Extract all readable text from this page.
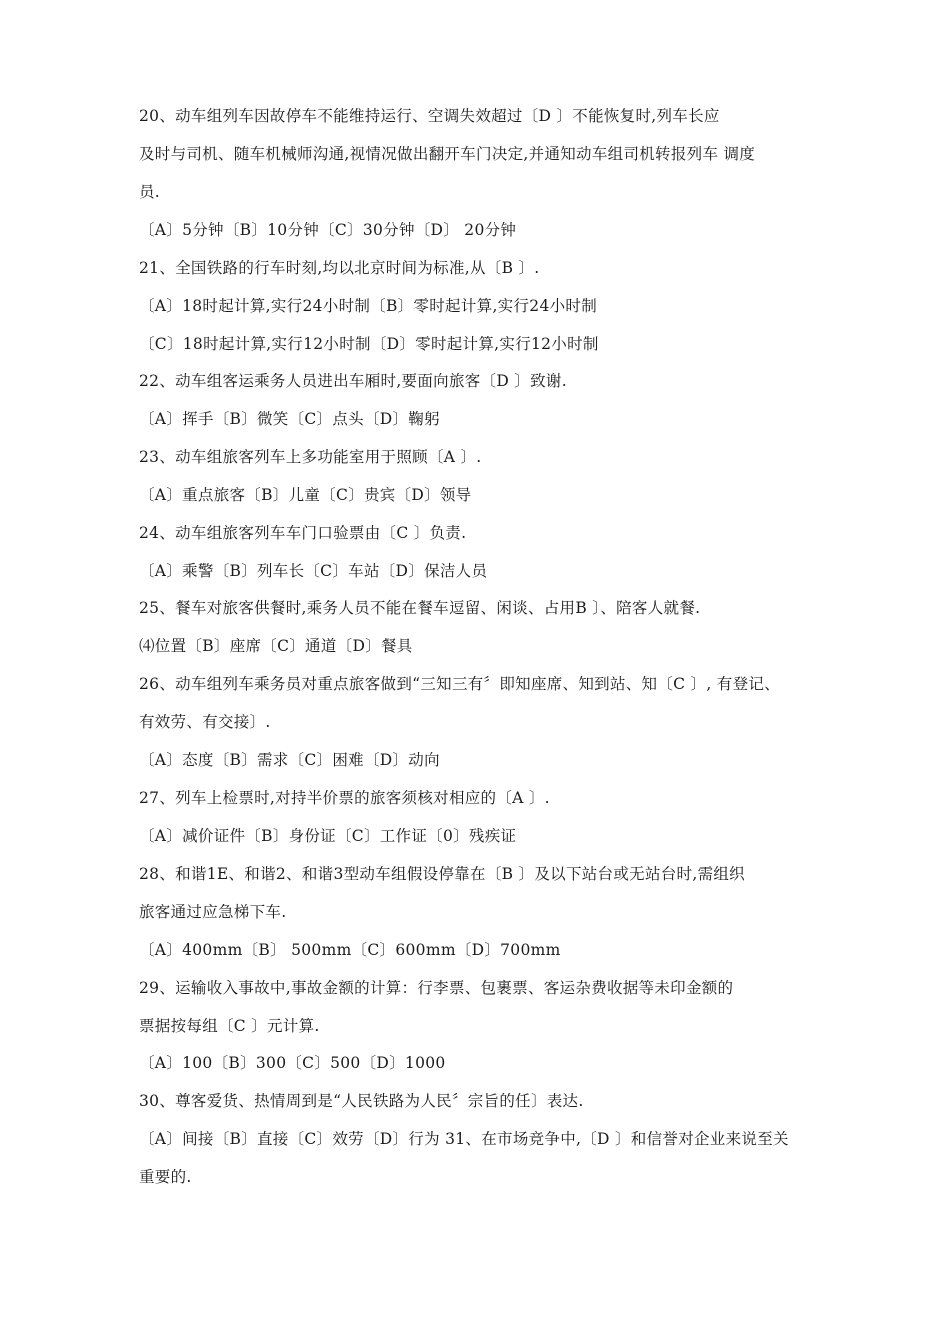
20、动车组列车因故停车不能维持运行、空调失效超过〔D 〕不能恢复时,列车长应
及时与司机、随车机械师沟通,视情况做出翻开车门决定,并通知动车组司机转报列车 调度
员.
〔A〕5分钟〔B〕10分钟〔C〕30分钟〔D〕 20分钟
21、全国铁路的行车时刻,均以北京时间为标准,从〔B 〕.
〔A〕18时起计算,实行24小时制〔B〕零时起计算,实行24小时制
〔C〕18时起计算,实行12小时制〔D〕零时起计算,实行12小时制
22、动车组客运乘务人员进出车厢时,要面向旅客〔D 〕致谢.
〔A〕挥手〔B〕微笑〔C〕点头〔D〕鞠躬
23、动车组旅客列车上多功能室用于照顾〔A 〕.
〔A〕重点旅客〔B〕儿童〔C〕贵宾〔D〕领导
24、动车组旅客列车车门口验票由〔C 〕负责.
〔A〕乘警〔B〕列车长〔C〕车站〔D〕保洁人员
25、餐车对旅客供餐时,乘务人员不能在餐车逗留、闲谈、占用B 〕、陪客人就餐.
⑷位置〔B〕座席〔C〕通道〔D〕餐具
26、动车组列车乘务员对重点旅客做到“三知三有〞即知座席、知到站、知〔C 〕, 有登记、
有效劳、有交接〕.
〔A〕态度〔B〕需求〔C〕困难〔D〕动向
27、列车上检票时,对持半价票的旅客须核对相应的〔A 〕.
〔A〕减价证件〔B〕身份证〔C〕工作证〔0〕残疾证
28、和谐1E、和谐2、和谐3型动车组假设停靠在〔B 〕及以下站台或无站台时,需组织
旅客通过应急梯下车.
〔A〕400mm〔B〕 500mm〔C〕600mm〔D〕700mm
29、运输收入事故中,事故金额的计算：行李票、包裹票、客运杂费收据等未印金额的
票据按每组〔C 〕元计算.
〔A〕100〔B〕300〔C〕500〔D〕1000
30、尊客爱货、热情周到是“人民铁路为人民〞宗旨的任〕表达.
〔A〕间接〔B〕直接〔C〕效劳〔D〕行为 31、在市场竞争中,〔D 〕和信誉对企业来说至关
重要的.
